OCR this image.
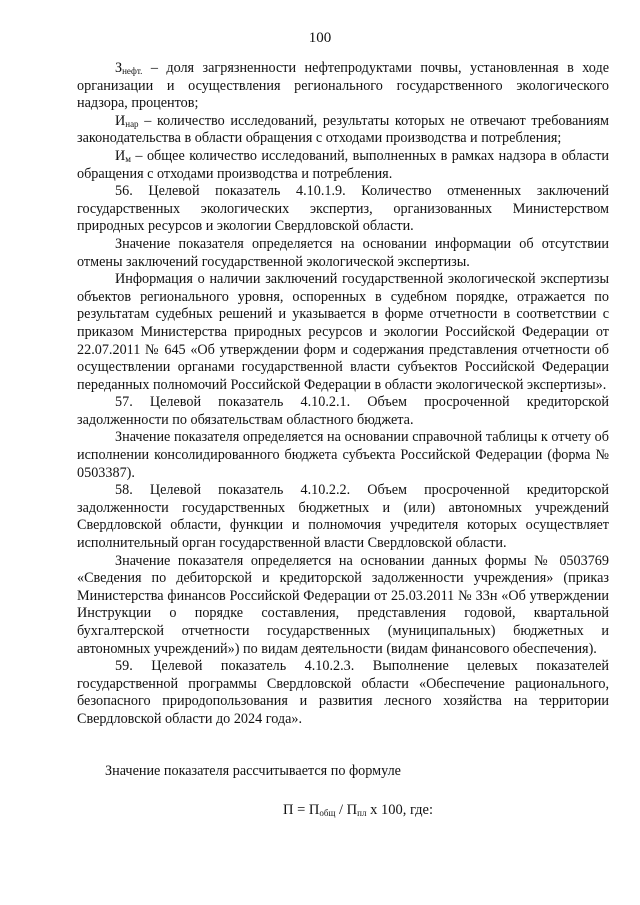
100

$З_{нефт.}$ – доля загрязненности нефтепродуктами почвы, установленная в ходе организации и осуществления регионального государственного экологического надзора, процентов;

$И_{нар}$ – количество исследований, результаты которых не отвечают требованиям законодательства в области обращения с отходами производства и потребления;

$И_м$ – общее количество исследований, выполненных в рамках надзора в области обращения с отходами производства и потребления.

56. Целевой показатель 4.10.1.9. Количество отмененных заключений государственных экологических экспертиз, организованных Министерством природных ресурсов и экологии Свердловской области.

Значение показателя определяется на основании информации об отсутствии отмены заключений государственной экологической экспертизы.

Информация о наличии заключений государственной экологической экспертизы объектов регионального уровня, оспоренных в судебном порядке, отражается по результатам судебных решений и указывается в форме отчетности в соответствии с приказом Министерства природных ресурсов и экологии Российской Федерации от 22.07.2011 № 645 «Об утверждении форм и содержания представления отчетности об осуществлении органами государственной власти субъектов Российской Федерации переданных полномочий Российской Федерации в области экологической экспертизы».

57. Целевой показатель 4.10.2.1. Объем просроченной кредиторской задолженности по обязательствам областного бюджета.

Значение показателя определяется на основании справочной таблицы к отчету об исполнении консолидированного бюджета субъекта Российской Федерации (форма № 0503387).

58. Целевой показатель 4.10.2.2. Объем просроченной кредиторской задолженности государственных бюджетных и (или) автономных учреждений Свердловской области, функции и полномочия учредителя которых осуществляет исполнительный орган государственной власти Свердловской области.

Значение показателя определяется на основании данных формы № 0503769 «Сведения по дебиторской и кредиторской задолженности учреждения» (приказ Министерства финансов Российской Федерации от 25.03.2011 № 33н «Об утверждении Инструкции о порядке составления, представления годовой, квартальной бухгалтерской отчетности государственных (муниципальных) бюджетных и автономных учреждений») по видам деятельности (видам финансового обеспечения).

59. Целевой показатель 4.10.2.3. Выполнение целевых показателей государственной программы Свердловской области «Обеспечение рационального, безопасного природопользования и развития лесного хозяйства на территории Свердловской области до 2024 года».

Значение показателя рассчитывается по формуле

$П = П_{общ} / П_{пл}$ x 100, где:
